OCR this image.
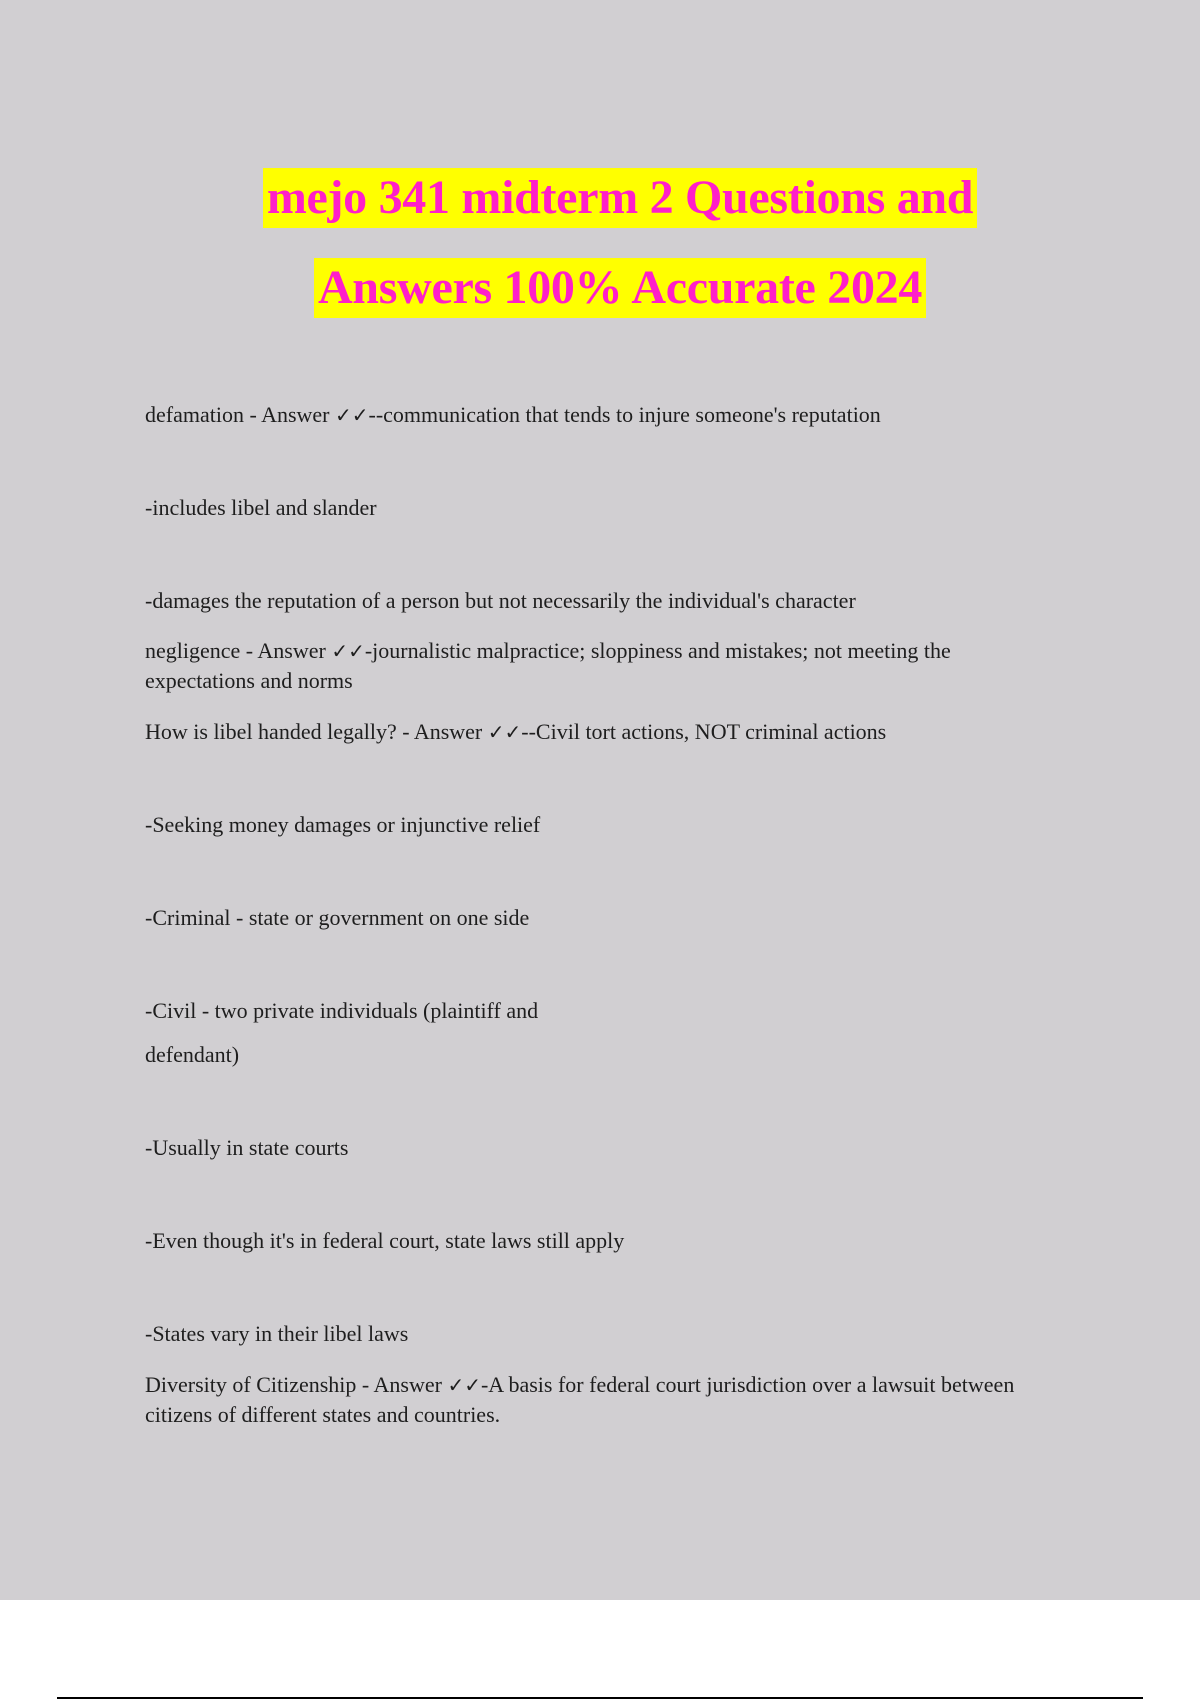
mejo 341 midterm 2 Questions and
Answers 100% Accurate 2024
defamation - Answer ✓✓--communication that tends to injure someone's reputation
-includes libel and slander
-damages the reputation of a person but not necessarily the individual's character
negligence - Answer ✓✓-journalistic malpractice; sloppiness and mistakes; not meeting the expectations and norms
How is libel handed legally? - Answer ✓✓--Civil tort actions, NOT criminal actions
-Seeking money damages or injunctive relief
-Criminal - state or government on one side
-Civil - two private individuals (plaintiff and
defendant)
-Usually in state courts
-Even though it's in federal court, state laws still apply
-States vary in their libel laws
Diversity of Citizenship - Answer ✓✓-A basis for federal court jurisdiction over a lawsuit between citizens of different states and countries.
